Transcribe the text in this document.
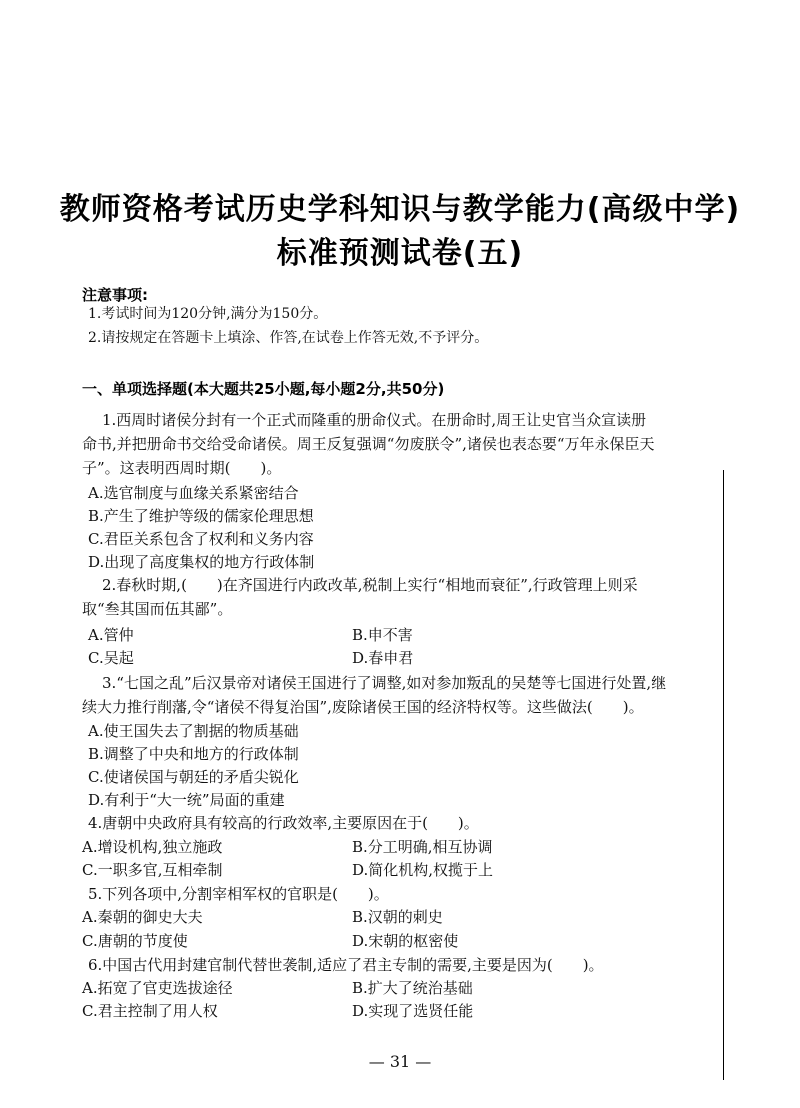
教师资格考试历史学科知识与教学能力(高级中学)
标准预测试卷(五)
注意事项:
1.考试时间为120分钟,满分为150分。
2.请按规定在答题卡上填涂、作答,在试卷上作答无效,不予评分。
一、单项选择题(本大题共25小题,每小题2分,共50分)
1.西周时诸侯分封有一个正式而隆重的册命仪式。在册命时,周王让史官当众宣读册
命书,并把册命书交给受命诸侯。周王反复强调“勿废朕令”,诸侯也表态要“万年永保臣天
子”。这表明西周时期(　　)。
A.选官制度与血缘关系紧密结合
B.产生了维护等级的儒家伦理思想
C.君臣关系包含了权利和义务内容
D.出现了高度集权的地方行政体制
2.春秋时期,(　　)在齐国进行内政改革,税制上实行“相地而衰征”,行政管理上则采
取“叁其国而伍其鄙”。
A.管仲	B.申不害
C.吴起	D.春申君
3.“七国之乱”后汉景帝对诸侯王国进行了调整,如对参加叛乱的吴楚等七国进行处置,继
续大力推行削藩,令“诸侯不得复治国”,废除诸侯王国的经济特权等。这些做法(　　)。
A.使王国失去了割据的物质基础
B.调整了中央和地方的行政体制
C.使诸侯国与朝廷的矛盾尖锐化
D.有利于“大一统”局面的重建
4.唐朝中央政府具有较高的行政效率,主要原因在于(　　)。
A.增设机构,独立施政	B.分工明确,相互协调
C.一职多官,互相牵制	D.简化机构,权揽于上
5.下列各项中,分割宰相军权的官职是(　　)。
A.秦朝的御史大夫	B.汉朝的刺史
C.唐朝的节度使	D.宋朝的枢密使
6.中国古代用封建官制代替世袭制,适应了君主专制的需要,主要是因为(　　)。
A.拓宽了官吏选拔途径	B.扩大了统治基础
C.君主控制了用人权	D.实现了选贤任能
— 31 —
